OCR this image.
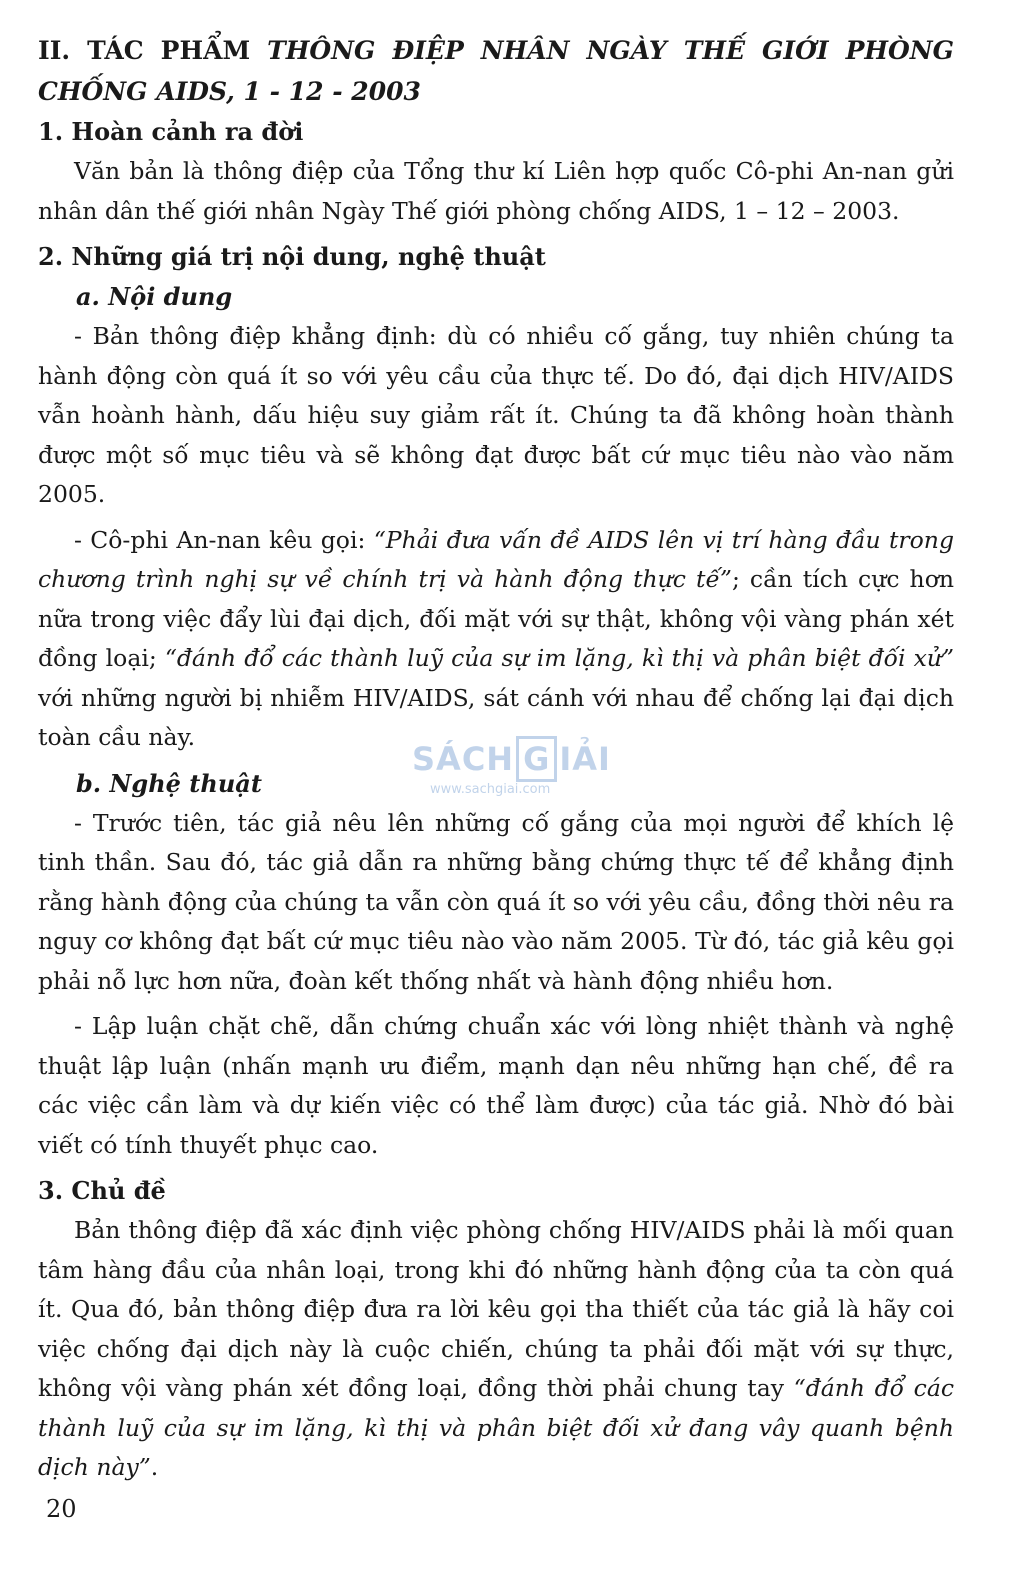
II. TÁC PHẨM THÔNG ĐIỆP NHÂN NGÀY THẾ GIỚI PHÒNG CHỐNG AIDS, 1 - 12 - 2003
1. Hoàn cảnh ra đời

Văn bản là thông điệp của Tổng thư kí Liên hợp quốc Cô-phi An-nan gửi nhân dân thế giới nhân Ngày Thế giới phòng chống AIDS, 1 – 12 – 2003.

2. Những giá trị nội dung, nghệ thuật
a. Nội dung

- Bản thông điệp khẳng định: dù có nhiều cố gắng, tuy nhiên chúng ta hành động còn quá ít so với yêu cầu của thực tế. Do đó, đại dịch HIV/AIDS vẫn hoành hành, dấu hiệu suy giảm rất ít. Chúng ta đã không hoàn thành được một số mục tiêu và sẽ không đạt được bất cứ mục tiêu nào vào năm 2005.

- Cô-phi An-nan kêu gọi: “Phải đưa vấn đề AIDS lên vị trí hàng đầu trong chương trình nghị sự về chính trị và hành động thực tế”; cần tích cực hơn nữa trong việc đẩy lùi đại dịch, đối mặt với sự thật, không vội vàng phán xét đồng loại; “đánh đổ các thành luỹ của sự im lặng, kì thị và phân biệt đối xử” với những người bị nhiễm HIV/AIDS, sát cánh với nhau để chống lại đại dịch toàn cầu này.

b. Nghệ thuật

- Trước tiên, tác giả nêu lên những cố gắng của mọi người để khích lệ tinh thần. Sau đó, tác giả dẫn ra những bằng chứng thực tế để khẳng định rằng hành động của chúng ta vẫn còn quá ít so với yêu cầu, đồng thời nêu ra nguy cơ không đạt bất cứ mục tiêu nào vào năm 2005. Từ đó, tác giả kêu gọi phải nỗ lực hơn nữa, đoàn kết thống nhất và hành động nhiều hơn.

- Lập luận chặt chẽ, dẫn chứng chuẩn xác với lòng nhiệt thành và nghệ thuật lập luận (nhấn mạnh ưu điểm, mạnh dạn nêu những hạn chế, đề ra các việc cần làm và dự kiến việc có thể làm được) của tác giả. Nhờ đó bài viết có tính thuyết phục cao.

3. Chủ đề

Bản thông điệp đã xác định việc phòng chống HIV/AIDS phải là mối quan tâm hàng đầu của nhân loại, trong khi đó những hành động của ta còn quá ít. Qua đó, bản thông điệp đưa ra lời kêu gọi tha thiết của tác giả là hãy coi việc chống đại dịch này là cuộc chiến, chúng ta phải đối mặt với sự thực, không vội vàng phán xét đồng loại, đồng thời phải chung tay “đánh đổ các thành luỹ của sự im lặng, kì thị và phân biệt đối xử đang vây quanh bệnh dịch này”.

SÁCH G IẢI
www.sachgiai.com
20
